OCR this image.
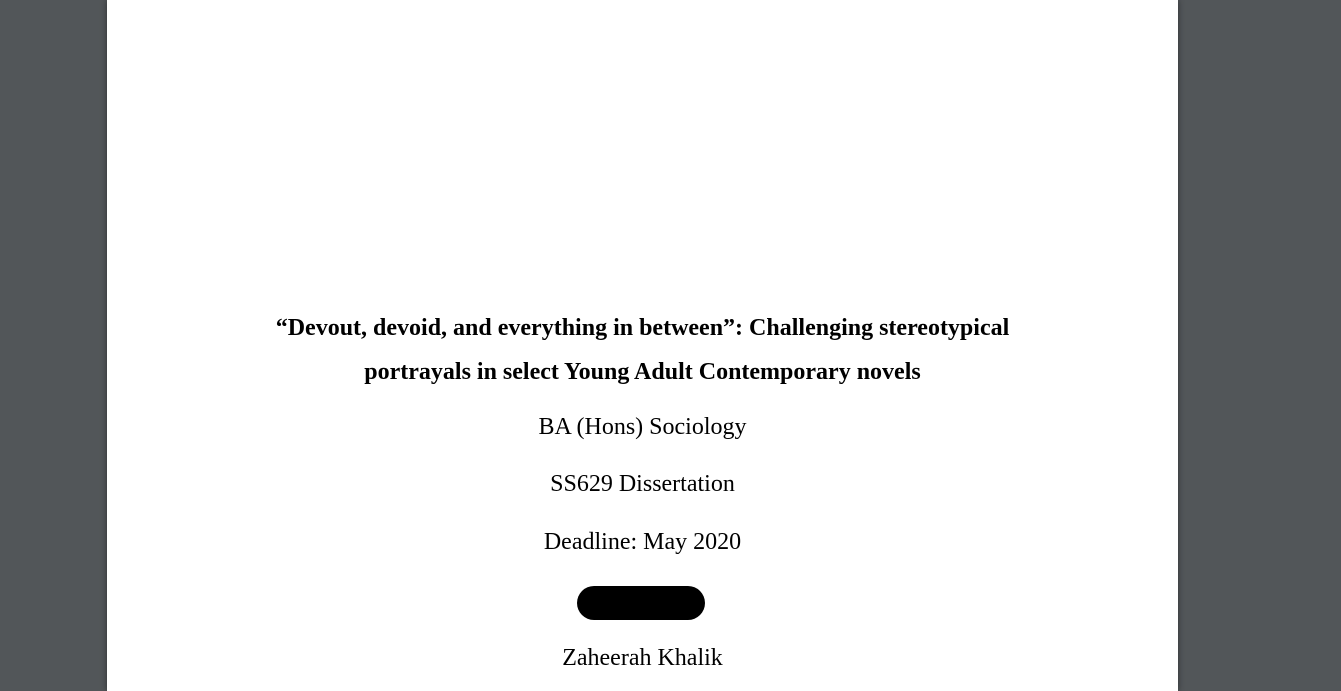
“Devout, devoid, and everything in between”: Challenging stereotypical
portrayals in select Young Adult Contemporary novels
BA (Hons) Sociology
SS629 Dissertation
Deadline: May 2020
Zaheerah Khalik
